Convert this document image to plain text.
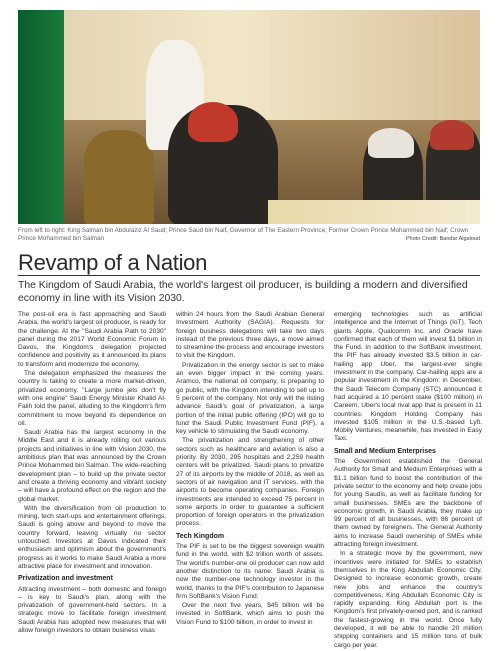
From left to right: King Salman bin Abdulaziz Al Saud; Prince Saud bin Naif, Governor of The Eastern Province; Former Crown Prince Mohammed bin Naif; Crown Prince Mohammed bin Salman	Photo Credit: Bandar Algaloud
Revamp of a Nation
The Kingdom of Saudi Arabia, the world's largest oil producer, is building a modern and diversified economy in line with its Vision 2030.

The post-oil era is fast approaching and Saudi Arabia, the world's largest oil producer, is ready for the challenge. At the "Saudi Arabia Path to 2030" panel during the 2017 World Economic Forum in Davos, the Kingdom's delegation projected confidence and positivity as it announced its plans to transform and modernize the economy.

The delegation emphasized the measures the country is taking to create a more market-driven, privatized economy. "Large jumbo jets don't fly with one engine" Saudi Energy Minister Khalid Al-Falih told the panel, alluding to the Kingdom's firm commitment to move beyond its dependence on oil.

Saudi Arabia has the largest economy in the Middle East and it is already rolling out various projects and initiatives in line with Vision 2030, the ambitious plan that was announced by the Crown Prince Mohammed bin Salman. The wide-reaching development plan – to build up the private sector and create a thriving economy and vibrant society – will have a profound effect on the region and the global market.

With the diversification from oil production to mining, tech start-ups and entertainment offerings, Saudi is going above and beyond to move the country forward, leaving virtually no sector untouched. Investors at Davos indicated their enthusiasm and optimism about the government's progress as it works to make Saudi Arabia a more attractive place for investment and innovation.

Privatization and investment

Attracting investment – both domestic and foreign – is key to Saudi's plan, along with the privatization of government-held sectors. In a strategic move to facilitate foreign investment Saudi Arabia has adopted new measures that will allow foreign investors to obtain business visas

within 24 hours from the Saudi Arabian General Investment Authority (SAGIA). Requests for foreign business delegations will take two days instead of the previous three days, a move aimed to streamline the process and encourage investors to visit the Kingdom.

Privatization in the energy sector is set to make an even bigger impact in the coming years. Aramco, the national oil company, is preparing to go public, with the Kingdom intending to sell up to 5 percent of the company. Not only will the listing advance Saudi's goal of privatization, a large portion of the initial public offering (IPO) will go to fund the Saudi Public Investment Fund (PIF), a key vehicle to stimulating the Saudi economy.

The privatization and strengthening of other sectors such as healthcare and aviation is also a priority. By 2030, 295 hospitals and 2,259 health centers will be privatized. Saudi plans to privatize 27 of its airports by the middle of 2018, as well as sectors of air navigation and IT services, with the airports to become operating companies. Foreign investments are intended to exceed 75 percent in some airports in order to guarantee a sufficient proportion of foreign operators in the privatization process.

Tech Kingdom

The PIF is set to be the biggest sovereign wealth fund in the world, with $2 trillion worth of assets. The world's number-one oil producer can now add another distinction to its name: Saudi Arabia is now the number-one technology investor in the world, thanks to the PIF's contribution to Japanese firm SoftBank's Vision Fund.

Over the next five years, $45 billion will be invested in SoftBank, which aims to push the Vision Fund to $100 billion, in order to invest in

emerging technologies such as artificial intelligence and the Internet of Things (IoT). Tech giants Apple, Qualcomm Inc. and Oracle have confirmed that each of them will invest $1 billion in the Fund. In addition to the SoftBank investment, the PIF has already invested $3.5 billion in car-hailing app Uber, the largest-ever single investment in the company. Car-hailing apps are a popular investment in the Kingdom: in December, the Saudi Telecom Company (STC) announced it had acquired a 10 percent stake ($100 million) in Careem, Uber's local rival app that is present in 11 countries. Kingdom Holding Company has invested $105 million in the U.S.-based Lyft. Mobily Ventures, meanwhile, has invested in Easy Taxi.

Small and Medium Enterprises

The Government established the General Authority for Small and Medium Enterprises with a $1.1 billion fund to boost the contribution of the private sector to the economy and help create jobs for young Saudis, as well as facilitate funding for small businesses. SMEs are the backbone of economic growth, in Saudi Arabia, they make up 99 percent of all businesses, with 86 percent of them owned by foreigners. The General Authority aims to increase Saudi ownership of SMEs while attracting foreign investment.

In a strategic move by the government, new incentives were initiated for SMEs to establish themselves in the King Abdullah Economic City. Designed to increase economic growth, create new jobs and enhance the country's competitiveness, King Abdullah Economic City is rapidly expanding. King Abdullah port is the Kingdom's first privately-owned port, and is ranked the fastest-growing in the world. Once fully developed, it will be able to handle 20 million shipping containers and 15 million tons of bulk cargo per year.
